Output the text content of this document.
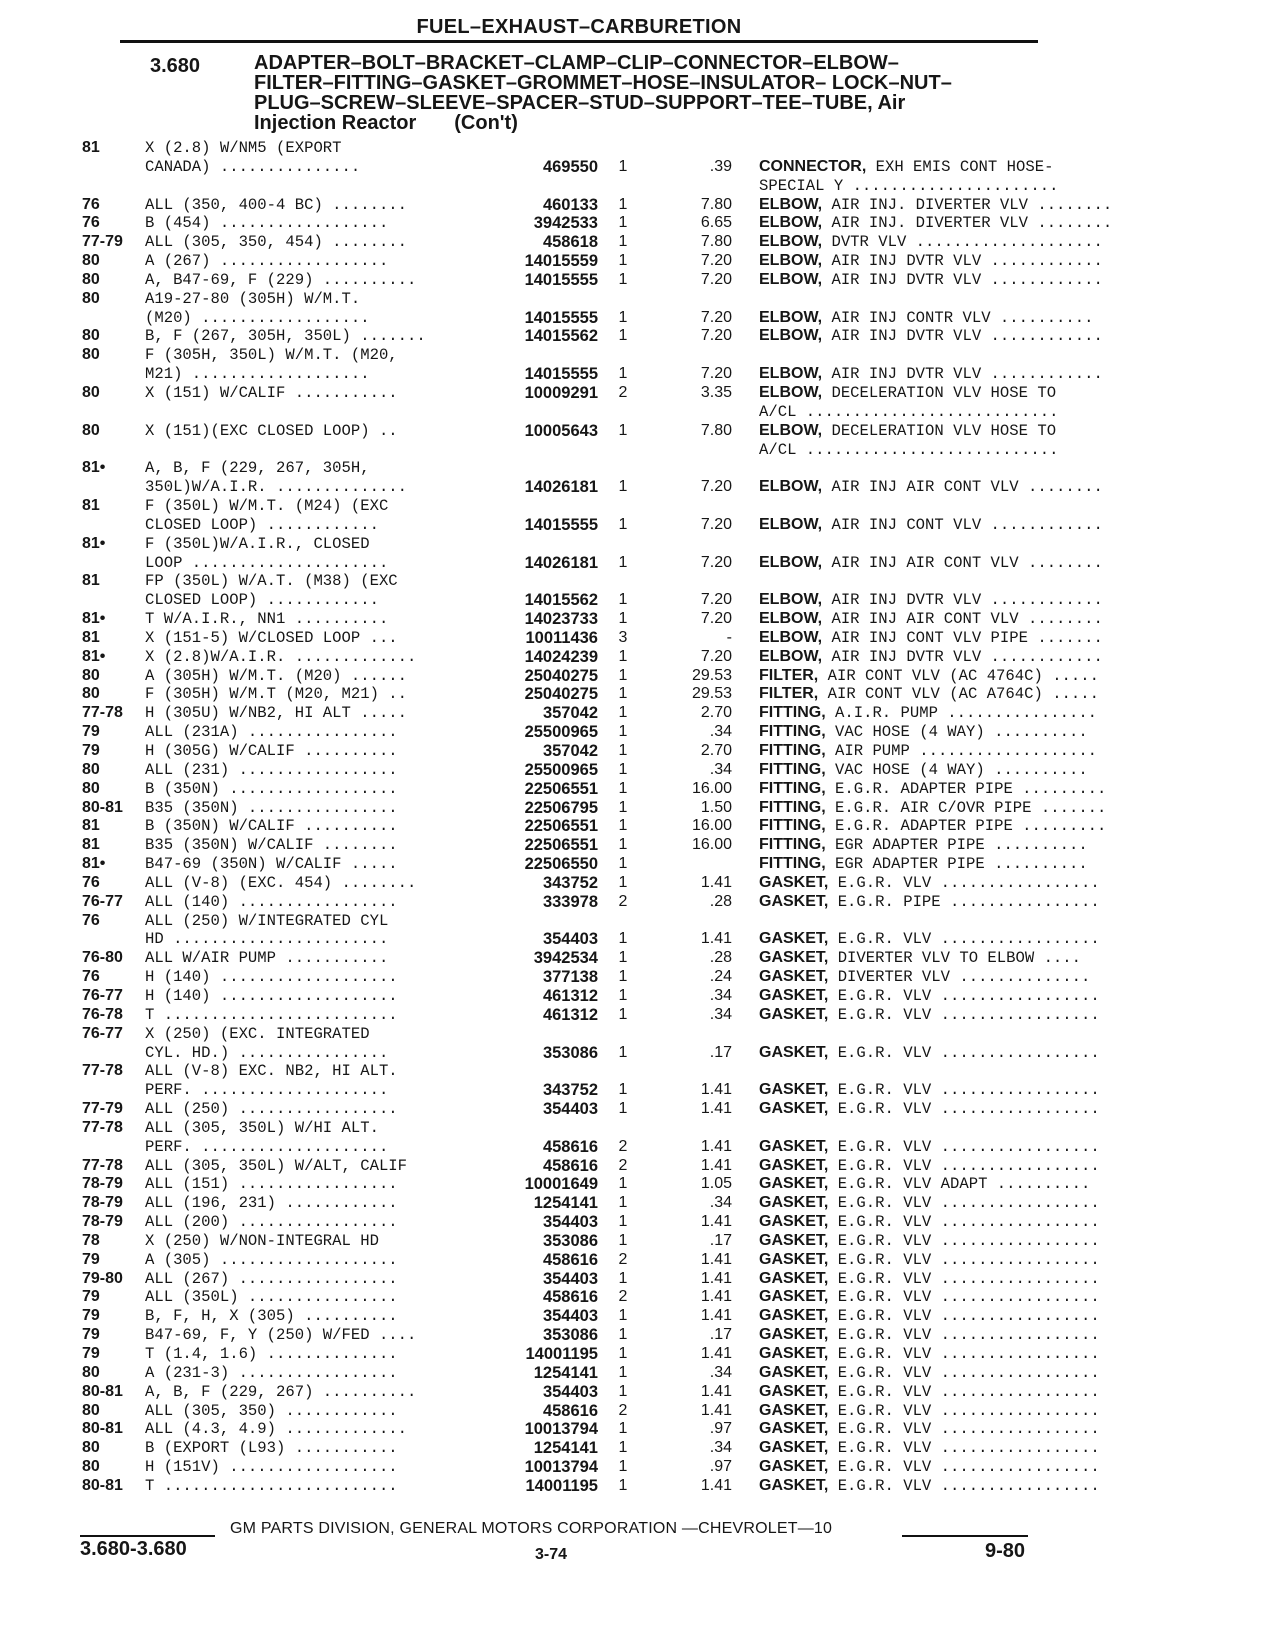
FUEL–EXHAUST–CARBURETION
3.680	ADAPTER–BOLT–BRACKET–CLAMP–CLIP–CONNECTOR–ELBOW–
FILTER–FITTING–GASKET–GROMMET–HOSE–INSULATOR– LOCK–NUT–
PLUG–SCREW–SLEEVE–SPACER–STUD–SUPPORT–TEE–TUBE, Air
Injection Reactor (Con't)
81	X (2.8) W/NM5 (EXPORT
CANADA) ...............	469550	1	.39 CONNECTOR, EXH EMIS CONT HOSE-
SPECIAL Y ......................
76	ALL (350, 400-4 BC) ........	460133	1	7.80 ELBOW, AIR INJ. DIVERTER VLV ........
76	B (454) ..................	3942533	1	6.65 ELBOW, AIR INJ. DIVERTER VLV ........
77-79 ALL (305, 350, 454) ........	458618	1	7.80 ELBOW, DVTR VLV ....................
80	A (267) ..................	14015559	1	7.20 ELBOW, AIR INJ DVTR VLV ............
80	A, B47-69, F (229) ..........	14015555	1	7.20 ELBOW, AIR INJ DVTR VLV ............
80	A19-27-80 (305H) W/M.T.
(M20) ..................	14015555	1	7.20 ELBOW, AIR INJ CONTR VLV ..........
80	B, F (267, 305H, 350L) .......	14015562	1	7.20 ELBOW, AIR INJ DVTR VLV ............
80	F (305H, 350L) W/M.T. (M20,
M21) ...................	14015555	1	7.20 ELBOW, AIR INJ DVTR VLV ............
80	X (151) W/CALIF ...........	10009291	2	3.35 ELBOW, DECELERATION VLV HOSE TO
A/CL ...........................
80	X (151)(EXC CLOSED LOOP) ..	10005643	1	7.80 ELBOW, DECELERATION VLV HOSE TO
A/CL ...........................
81•	A, B, F (229, 267, 305H,
350L)W/A.I.R. ..............	14026181	1	7.20 ELBOW, AIR INJ AIR CONT VLV ........
81	F (350L) W/M.T. (M24) (EXC
CLOSED LOOP) ............	14015555	1	7.20 ELBOW, AIR INJ CONT VLV ............
81•	F (350L)W/A.I.R., CLOSED
LOOP .....................	14026181	1	7.20 ELBOW, AIR INJ AIR CONT VLV ........
81	FP (350L) W/A.T. (M38) (EXC
CLOSED LOOP) ............	14015562	1	7.20 ELBOW, AIR INJ DVTR VLV ............
81•	T W/A.I.R., NN1 ..........	14023733	1	7.20 ELBOW, AIR INJ AIR CONT VLV ........
81	X (151-5) W/CLOSED LOOP ...	10011436	3	- ELBOW, AIR INJ CONT VLV PIPE .......
81•	X (2.8)W/A.I.R. .............	14024239	1	7.20 ELBOW, AIR INJ DVTR VLV ............
80	A (305H) W/M.T. (M20) ......	25040275	1	29.53 FILTER, AIR CONT VLV (AC 4764C) .....
80	F (305H) W/M.T (M20, M21) ..	25040275	1	29.53 FILTER, AIR CONT VLV (AC A764C) .....
77-78 H (305U) W/NB2, HI ALT .....	357042	1	2.70 FITTING, A.I.R. PUMP ................
79	ALL (231A) ................	25500965	1	.34 FITTING, VAC HOSE (4 WAY) ..........
79	H (305G) W/CALIF ..........	357042	1	2.70 FITTING, AIR PUMP ...................
80	ALL (231) .................	25500965	1	.34 FITTING, VAC HOSE (4 WAY) ..........
80	B (350N) ..................	22506551	1	16.00 FITTING, E.G.R. ADAPTER PIPE .........
80-81 B35 (350N) ................	22506795	1	1.50 FITTING, E.G.R. AIR C/OVR PIPE .......
81	B (350N) W/CALIF ..........	22506551	1	16.00 FITTING, E.G.R. ADAPTER PIPE .........
81	B35 (350N) W/CALIF ........	22506551	1	16.00 FITTING, EGR ADAPTER PIPE ..........
81•	B47-69 (350N) W/CALIF .....	22506550	1	FITTING, EGR ADAPTER PIPE ..........
76	ALL (V-8) (EXC. 454) ........	343752	1	1.41 GASKET, E.G.R. VLV .................
76-77 ALL (140) .................	333978	2	.28 GASKET, E.G.R. PIPE ................
76	ALL (250) W/INTEGRATED CYL
HD .......................	354403	1	1.41 GASKET, E.G.R. VLV .................
76-80 ALL W/AIR PUMP ...........	3942534	1	.28 GASKET, DIVERTER VLV TO ELBOW ....
76	H (140) ...................	377138	1	.24 GASKET, DIVERTER VLV ..............
76-77 H (140) ...................	461312	1	.34 GASKET, E.G.R. VLV .................
76-78 T .........................	461312	1	.34 GASKET, E.G.R. VLV .................
76-77 X (250) (EXC. INTEGRATED
CYL. HD.) ................	353086	1	.17 GASKET, E.G.R. VLV .................
77-78 ALL (V-8) EXC. NB2, HI ALT.
PERF. ....................	343752	1	1.41 GASKET, E.G.R. VLV .................
77-79 ALL (250) .................	354403	1	1.41 GASKET, E.G.R. VLV .................
77-78 ALL (305, 350L) W/HI ALT.
PERF. ....................	458616	2	1.41 GASKET, E.G.R. VLV .................
77-78 ALL (305, 350L) W/ALT, CALIF	458616	2	1.41 GASKET, E.G.R. VLV .................
78-79 ALL (151) .................	10001649	1	1.05 GASKET, E.G.R. VLV ADAPT ..........
78-79 ALL (196, 231) ............	1254141	1	.34 GASKET, E.G.R. VLV .................
78-79 ALL (200) .................	354403	1	1.41 GASKET, E.G.R. VLV .................
78	X (250) W/NON-INTEGRAL HD	353086	1	.17 GASKET, E.G.R. VLV .................
79	A (305) ...................	458616	2	1.41 GASKET, E.G.R. VLV .................
79-80 ALL (267) .................	354403	1	1.41 GASKET, E.G.R. VLV .................
79	ALL (350L) ................	458616	2	1.41 GASKET, E.G.R. VLV .................
79	B, F, H, X (305) ..........	354403	1	1.41 GASKET, E.G.R. VLV .................
79	B47-69, F, Y (250) W/FED ....	353086	1	.17 GASKET, E.G.R. VLV .................
79	T (1.4, 1.6) ..............	14001195	1	1.41 GASKET, E.G.R. VLV .................
80	A (231-3) .................	1254141	1	.34 GASKET, E.G.R. VLV .................
80-81 A, B, F (229, 267) ..........	354403	1	1.41 GASKET, E.G.R. VLV .................
80	ALL (305, 350) ............	458616	2	1.41 GASKET, E.G.R. VLV .................
80-81 ALL (4.3, 4.9) .............	10013794	1	.97 GASKET, E.G.R. VLV .................
80	B (EXPORT (L93) ...........	1254141	1	.34 GASKET, E.G.R. VLV .................
80	H (151V) ..................	10013794	1	.97 GASKET, E.G.R. VLV .................
80-81 T .........................	14001195	1	1.41 GASKET, E.G.R. VLV .................
GM PARTS DIVISION, GENERAL MOTORS CORPORATION —CHEVROLET—10
3.680-3.680	3-74	9-80
